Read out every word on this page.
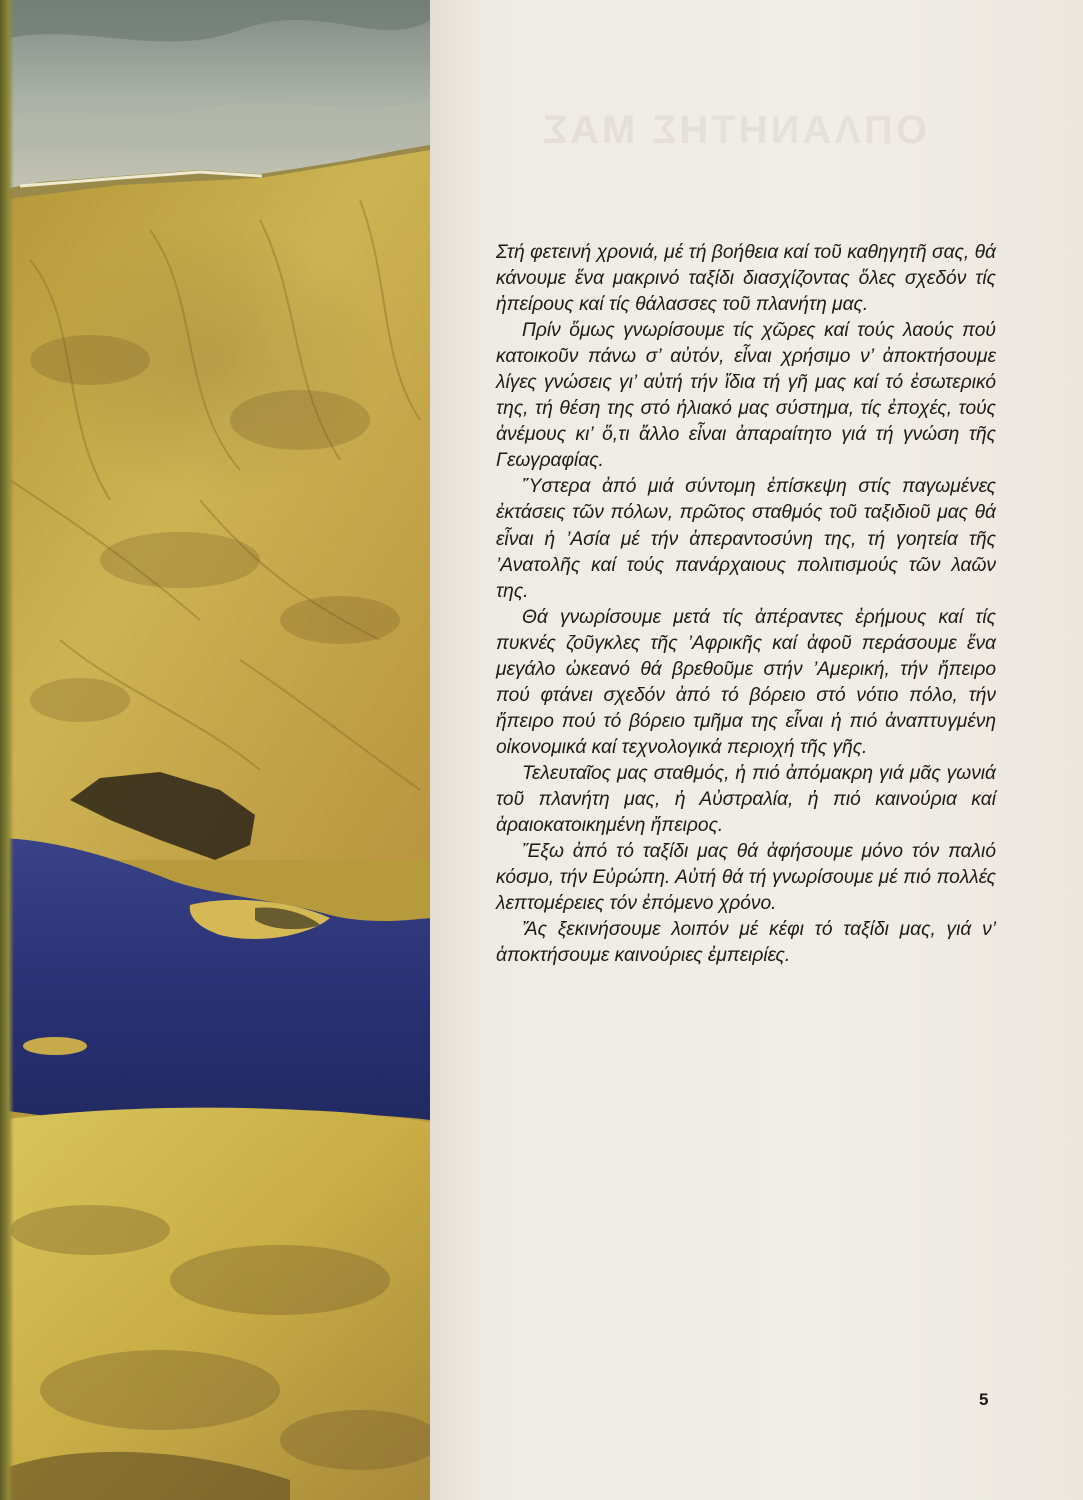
ΟΠΛΑΝΗΤΗΣ ΜΑΣ

Στή φετεινή χρονιά, μέ τή βοήθεια καί τοῦ καθηγητῆ σας, θά κάνουμε ἕνα μακρινό ταξίδι διασχίζοντας ὅλες σχεδόν τίς ἠπείρους καί τίς θάλασσες τοῦ πλανήτη μας.

Πρίν ὅμως γνωρίσουμε τίς χῶρες καί τούς λαούς πού κατοικοῦν πάνω σ’ αὐτόν, εἶναι χρήσιμο ν’ ἀποκτήσουμε λίγες γνώσεις γι’ αὐτή τήν ἴδια τή γῆ μας καί τό ἐσωτερικό της, τή θέση της στό ἡλιακό μας σύστημα, τίς ἐποχές, τούς ἀνέμους κι’ ὅ,τι ἄλλο εἶναι ἀπαραίτητο γιά τή γνώση τῆς Γεωγραφίας.

Ὕστερα ἀπό μιά σύντομη ἐπίσκεψη στίς παγωμένες ἐκτάσεις τῶν πόλων, πρῶτος σταθμός τοῦ ταξιδιοῦ μας θά εἶναι ἡ ’Ασία μέ τήν ἀπεραντοσύνη της, τή γοητεία τῆς ’Ανατολῆς καί τούς πανάρχαιους πολιτισμούς τῶν λαῶν της.

Θά γνωρίσουμε μετά τίς ἀπέραντες ἐρήμους καί τίς πυκνές ζοῦγκλες τῆς ’Αφρικῆς καί ἀφοῦ περάσουμε ἕνα μεγάλο ὠκεανό θά βρεθοῦμε στήν ’Αμερική, τήν ἤπειρο πού φτάνει σχεδόν ἀπό τό βόρειο στό νότιο πόλο, τήν ἤπειρο πού τό βόρειο τμῆμα της εἶναι ἡ πιό ἀναπτυγμένη οἰκονομικά καί τεχνολογικά περιοχή τῆς γῆς.

Τελευταῖος μας σταθμός, ἡ πιό ἀπόμακρη γιά μᾶς γωνιά τοῦ πλανήτη μας, ἡ Αὐστραλία, ἡ πιό καινούρια καί ἀραιοκατοικημένη ἤπειρος.

Ἔξω ἀπό τό ταξίδι μας θά ἀφήσουμε μόνο τόν παλιό κόσμο, τήν Εὐρώπη. Αὐτή θά τή γνωρίσουμε μέ πιό πολλές λεπτομέρειες τόν ἐπόμενο χρόνο.

Ἄς ξεκινήσουμε λοιπόν μέ κέφι τό ταξίδι μας, γιά ν’ ἀποκτήσουμε καινούριες ἐμπειρίες.

5
